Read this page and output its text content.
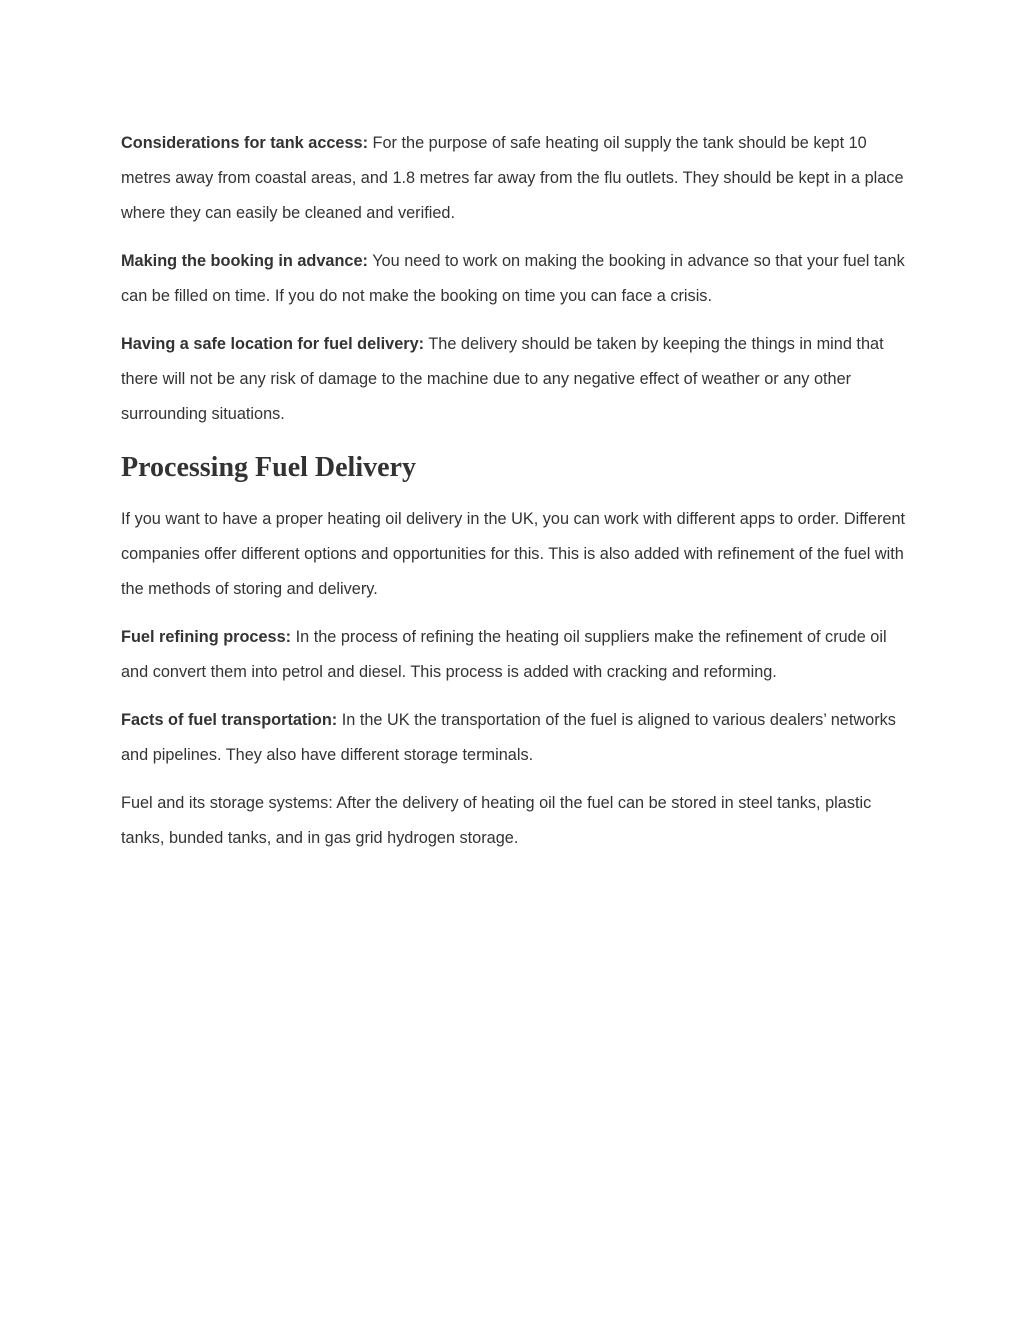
Considerations for tank access: For the purpose of safe heating oil supply the tank should be kept 10 metres away from coastal areas, and 1.8 metres far away from the flu outlets. They should be kept in a place where they can easily be cleaned and verified.

Making the booking in advance: You need to work on making the booking in advance so that your fuel tank can be filled on time. If you do not make the booking on time you can face a crisis.

Having a safe location for fuel delivery: The delivery should be taken by keeping the things in mind that there will not be any risk of damage to the machine due to any negative effect of weather or any other surrounding situations.

Processing Fuel Delivery

If you want to have a proper heating oil delivery in the UK, you can work with different apps to order. Different companies offer different options and opportunities for this. This is also added with refinement of the fuel with the methods of storing and delivery.

Fuel refining process: In the process of refining the heating oil suppliers make the refinement of crude oil and convert them into petrol and diesel. This process is added with cracking and reforming.

Facts of fuel transportation: In the UK the transportation of the fuel is aligned to various dealers’ networks and pipelines. They also have different storage terminals.

Fuel and its storage systems: After the delivery of heating oil the fuel can be stored in steel tanks, plastic tanks, bunded tanks, and in gas grid hydrogen storage.
